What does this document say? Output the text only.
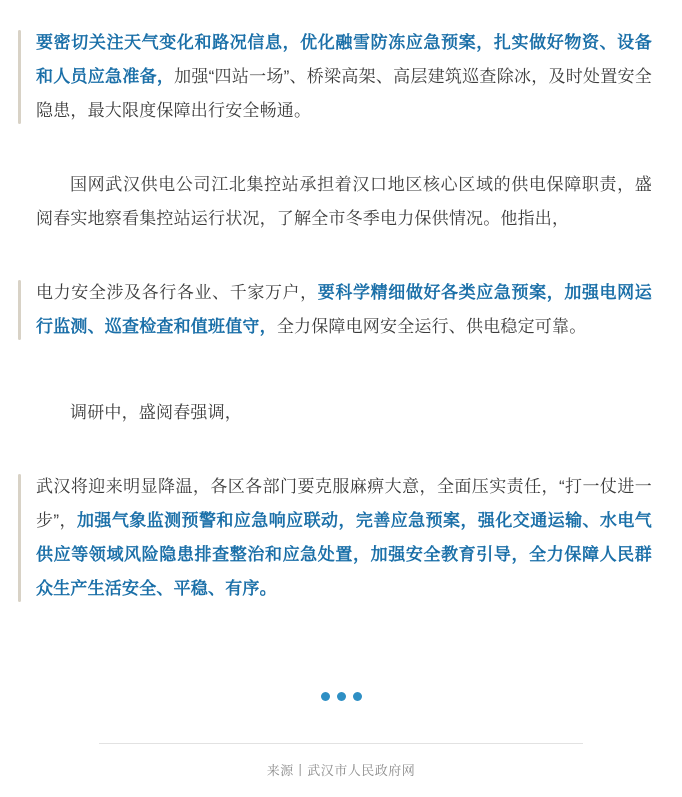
要密切关注天气变化和路况信息，优化融雪防冻应急预案，扎实做好物资、设备和人员应急准备，加强“四站一场”、桥梁高架、高层建筑巡查除冰，及时处置安全隐患，最大限度保障出行安全畅通。

国网武汉供电公司江北集控站承担着汉口地区核心区域的供电保障职责，盛阅春实地察看集控站运行状况，了解全市冬季电力保供情况。他指出，

电力安全涉及各行各业、千家万户，要科学精细做好各类应急预案，加强电网运行监测、巡查检查和值班值守，全力保障电网安全运行、供电稳定可靠。

调研中，盛阅春强调，

武汉将迎来明显降温，各区各部门要克服麻痹大意，全面压实责任，“打一仗进一步”，加强气象监测预警和应急响应联动，完善应急预案，强化交通运输、水电气供应等领域风险隐患排查整治和应急处置，加强安全教育引导，全力保障人民群众生产生活安全、平稳、有序。

来源丨武汉市人民政府网
